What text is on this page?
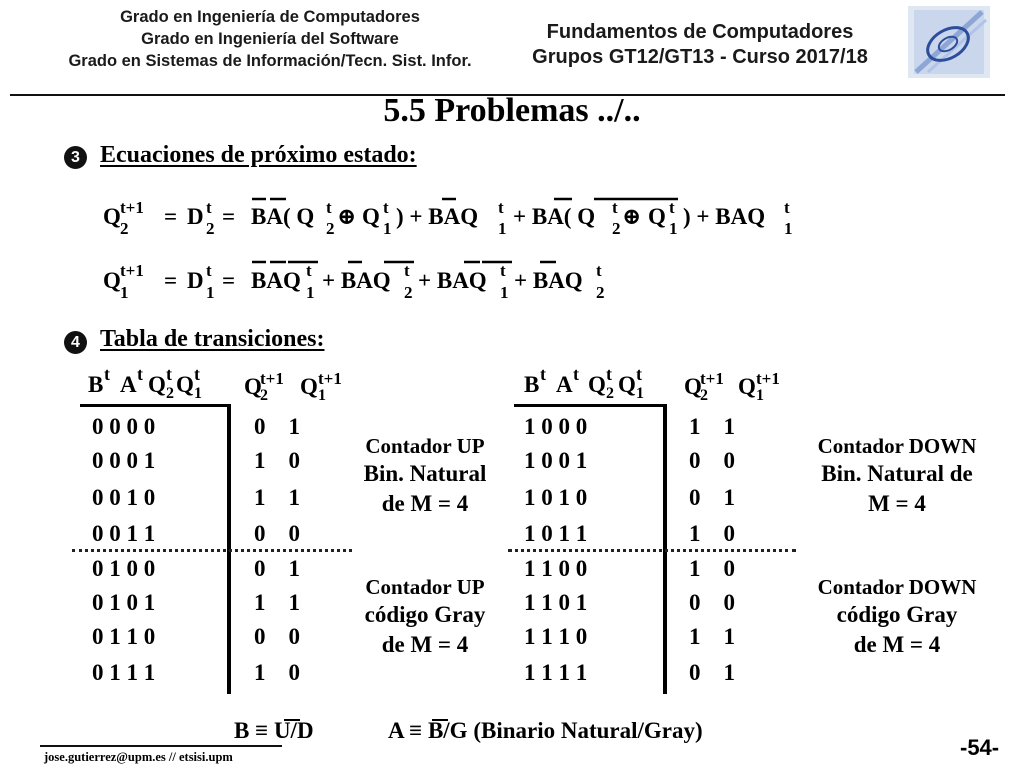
Grado en Ingeniería de Computadores
Grado en Ingeniería del Software
Grado en Sistemas de Información/Tecn. Sist. Infor.
Fundamentos de Computadores
Grupos GT12/GT13 - Curso 2017/18
5.5 Problemas ../..
3 Ecuaciones de próximo estado:
Q t+1
2 = D t
2 = BA( Q t
2 ⊕ Q t
1 ) + BAQ t
1 + BA( Q t
2 ⊕ Q t
1 ) + BAQ t
1
Q t+1
1 = D t
1 = BAQ t
1 + BAQ t
2 + BAQ t
1 + BAQ t
2
4 Tabla de transiciones:
B t A t Q t
2 Q t
1 Q
t+1
2 Q t+1
1
0 0 0 0	0    1
0 0 0 1	1    0
0 0 1 0	1    1
0 0 1 1	0    0
0 1 0 0	0    1
0 1 0 1	1    1
0 1 1 0	0    0
0 1 1 1	1    0
Contador UP
Bin. Natural
de M = 4
Contador UP
código Gray
de M = 4
B t A t Q t
2 Q t
1 Q
t+1
2 Q t+1
1
1 0 0 0	1    1
1 0 0 1	0    0
1 0 1 0	0    1
1 0 1 1	1    0
1 1 0 0	1    0
1 1 0 1	0    0
1 1 1 0	1    1
1 1 1 1	0    1
Contador DOWN
Bin. Natural de
M = 4
Contador DOWN
código Gray
de M = 4
B ≡ U/D	A ≡ B/G (Binario Natural/Gray)
jose.gutierrez@upm.es // etsisi.upm	-54-
